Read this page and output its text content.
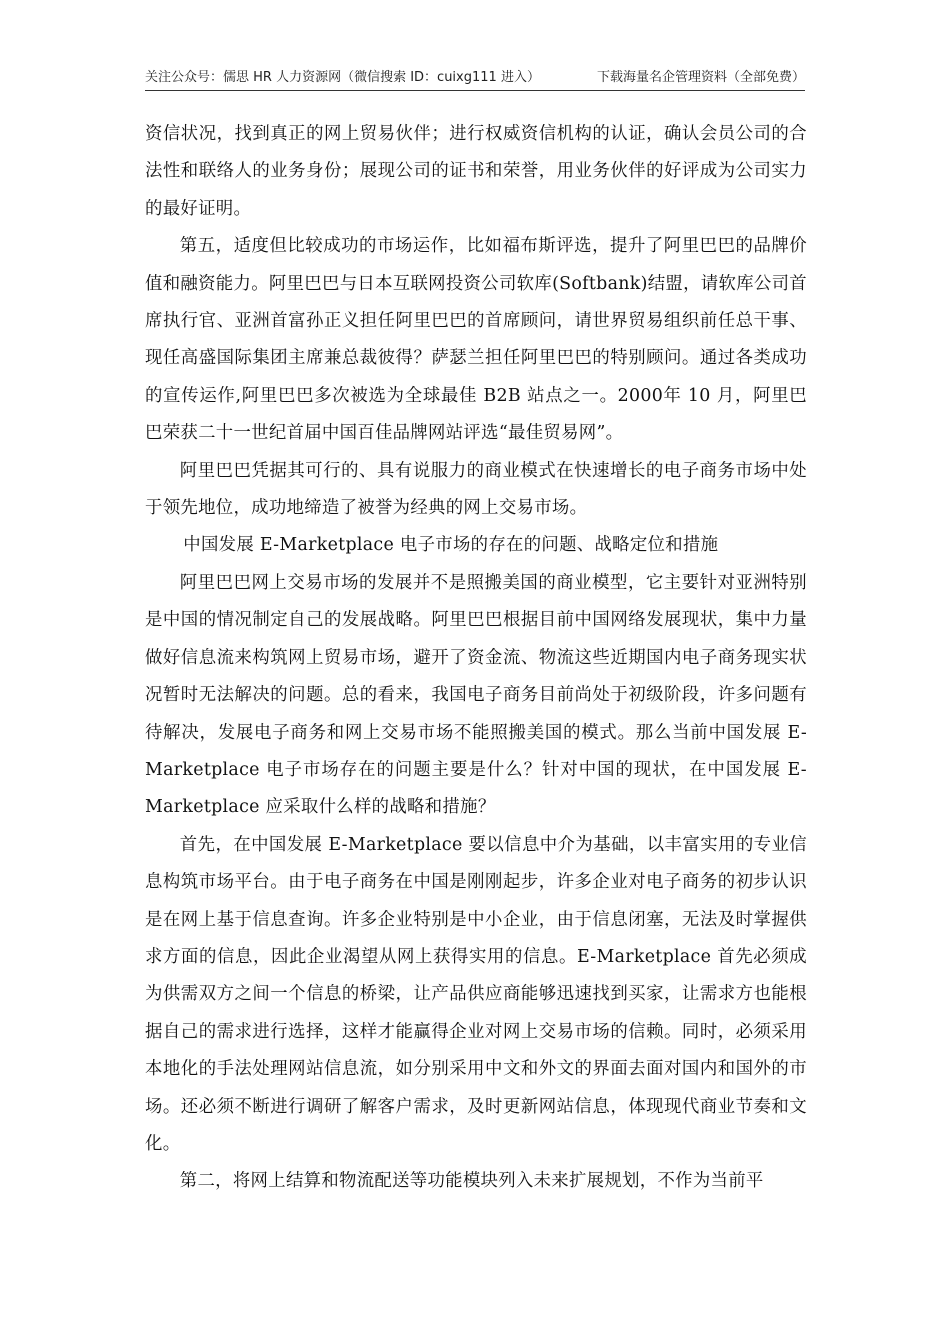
关注公众号：儒思 HR 人力资源网（微信搜索 ID：cuixg111 进入）	下载海量名企管理资料（全部免费）

资信状况，找到真正的网上贸易伙伴；进行权威资信机构的认证，确认会员公司的合法性和联络人的业务身份；展现公司的证书和荣誉，用业务伙伴的好评成为公司实力的最好证明。

第五，适度但比较成功的市场运作，比如福布斯评选，提升了阿里巴巴的品牌价值和融资能力。阿里巴巴与日本互联网投资公司软库(Softbank)结盟，请软库公司首席执行官、亚洲首富孙正义担任阿里巴巴的首席顾问，请世界贸易组织前任总干事、现任高盛国际集团主席兼总裁彼得？萨瑟兰担任阿里巴巴的特别顾问。通过各类成功的宣传运作,阿里巴巴多次被选为全球最佳 B2B 站点之一。2000年 10 月，阿里巴巴荣获二十一世纪首届中国百佳品牌网站评选“最佳贸易网”。

阿里巴巴凭据其可行的、具有说服力的商业模式在快速增长的电子商务市场中处于领先地位，成功地缔造了被誉为经典的网上交易市场。

中国发展 E-Marketplace 电子市场的存在的问题、战略定位和措施

阿里巴巴网上交易市场的发展并不是照搬美国的商业模型，它主要针对亚洲特别是中国的情况制定自己的发展战略。阿里巴巴根据目前中国网络发展现状，集中力量做好信息流来构筑网上贸易市场，避开了资金流、物流这些近期国内电子商务现实状况暂时无法解决的问题。总的看来，我国电子商务目前尚处于初级阶段，许多问题有待解决，发展电子商务和网上交易市场不能照搬美国的模式。那么当前中国发展 E-Marketplace 电子市场存在的问题主要是什么？针对中国的现状，在中国发展 E-Marketplace 应采取什么样的战略和措施？

首先，在中国发展 E-Marketplace 要以信息中介为基础，以丰富实用的专业信息构筑市场平台。由于电子商务在中国是刚刚起步，许多企业对电子商务的初步认识是在网上基于信息查询。许多企业特别是中小企业，由于信息闭塞，无法及时掌握供求方面的信息，因此企业渴望从网上获得实用的信息。E-Marketplace 首先必须成为供需双方之间一个信息的桥梁，让产品供应商能够迅速找到买家，让需求方也能根据自己的需求进行选择，这样才能赢得企业对网上交易市场的信赖。同时，必须采用本地化的手法处理网站信息流，如分别采用中文和外文的界面去面对国内和国外的市场。还必须不断进行调研了解客户需求，及时更新网站信息，体现现代商业节奏和文化。

第二，将网上结算和物流配送等功能模块列入未来扩展规划，不作为当前平
